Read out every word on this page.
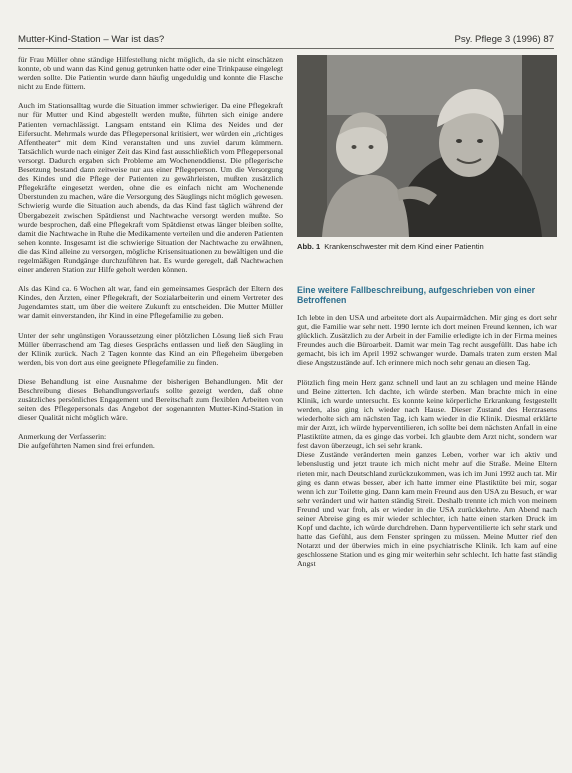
Mutter-Kind-Station – War ist das?	Psy. Pflege 3 (1996) 87

für Frau Müller ohne ständige Hilfestellung nicht möglich, da sie nicht einschätzen konnte, ob und wann das Kind genug getrunken hatte oder eine Trinkpause eingelegt werden sollte. Die Patientin wurde dann häufig ungeduldig und konnte die Flasche nicht zu Ende füttern.

Auch im Stationsalltag wurde die Situation immer schwieriger. Da eine Pflegekraft nur für Mutter und Kind abgestellt werden mußte, führten sich einige andere Patienten vernachlässigt. Langsam entstand ein Klima des Neides und der Eifersucht. Mehrmals wurde das Pflegepersonal kritisiert, wer würden ein „richtiges Affentheater“ mit dem Kind veranstalten und uns zuviel darum kümmern. Tatsächlich wurde nach einiger Zeit das Kind fast ausschließlich vom Pflegepersonal versorgt. Dadurch ergaben sich Probleme am Wochenenddienst. Die pflegerische Besetzung bestand dann zeitweise nur aus einer Pflegeperson. Um die Versorgung des Kindes und die Pflege der Patienten zu gewährleisten, mußten zusätzlich Pflegekräfte eingesetzt werden, ohne die es einfach nicht am Wochenende Überstunden zu machen, wäre die Versorgung des Säuglings nicht möglich gewesen. Schwierig wurde die Situation auch abends, da das Kind fast täglich während der Übergabezeit zwischen Spätdienst und Nachtwache versorgt werden mußte. So wurde besprochen, daß eine Pflegekraft vom Spätdienst etwas länger bleiben sollte, damit die Nachtwache in Ruhe die Medikamente verteilen und die anderen Patienten sehen konnte. Insgesamt ist die schwierige Situation der Nachtwache zu erwähnen, die das Kind alleine zu versorgen, mögliche Krisensituationen zu bewältigen und die regelmäßigen Rundgänge durchzuführen hat. Es wurde geregelt, daß Nachtwachen einer anderen Station zur Hilfe geholt werden können.

Als das Kind ca. 6 Wochen alt war, fand ein gemeinsames Gespräch der Eltern des Kindes, den Ärzten, einer Pflegekraft, der Sozialarbeiterin und einem Vertreter des Jugendamtes statt, um über die weitere Zukunft zu entscheiden. Die Mutter Müller war damit einverstanden, ihr Kind in eine Pflegefamilie zu geben.

Unter der sehr ungünstigen Voraussetzung einer plötzlichen Lösung ließ sich Frau Müller überraschend am Tag dieses Gesprächs entlassen und ließ den Säugling in der Klinik zurück. Nach 2 Tagen konnte das Kind an ein Pflegeheim übergeben werden, bis von dort aus eine geeignete Pflegefamilie zu finden.

Diese Behandlung ist eine Ausnahme der bisherigen Behandlungen. Mit der Beschreibung dieses Behandlungsverlaufs sollte gezeigt werden, daß ohne zusätzliches persönliches Engagement und Bereitschaft zum flexiblen Arbeiten von seiten des Pflegepersonals das Angebot der sogenannten Mutter-Kind-Station in dieser Qualität nicht möglich wäre.

Anmerkung der Verfasserin:
Die aufgeführten Namen sind frei erfunden.

Abb. 1 Krankenschwester mit dem Kind einer Patientin
Eine weitere Fallbeschreibung, aufgeschrieben von einer Betroffenen

Ich lebte in den USA und arbeitete dort als Aupairmädchen. Mir ging es dort sehr gut, die Familie war sehr nett. 1990 lernte ich dort meinen Freund kennen, ich war glücklich. Zusätzlich zu der Arbeit in der Familie erledigte ich in der Firma meines Freundes auch die Büroarbeit. Damit war mein Tag recht ausgefüllt. Das habe ich gemacht, bis ich im April 1992 schwanger wurde. Damals traten zum ersten Mal diese Angstzustände auf. Ich erinnere mich noch sehr genau an diesen Tag.

Plötzlich fing mein Herz ganz schnell und laut an zu schlagen und meine Hände und Beine zitterten. Ich dachte, ich würde sterben. Man brachte mich in eine Klinik, ich wurde untersucht. Es konnte keine körperliche Erkrankung festgestellt werden, also ging ich wieder nach Hause. Dieser Zustand des Herzrasens wiederholte sich am nächsten Tag, ich kam wieder in die Klinik. Diesmal erklärte mir der Arzt, ich würde hyperventilieren, ich sollte bei dem nächsten Anfall in eine Plastiktüte atmen, da es ginge das vorbei. Ich glaubte dem Arzt nicht, sondern war fest davon überzeugt, ich sei sehr krank.

Diese Zustände veränderten mein ganzes Leben, vorher war ich aktiv und lebenslustig und jetzt traute ich mich nicht mehr auf die Straße. Meine Eltern rieten mir, nach Deutschland zurückzukommen, was ich im Juni 1992 auch tat. Mir ging es dann etwas besser, aber ich hatte immer eine Plastiktüte bei mir, sogar wenn ich zur Toilette ging. Dann kam mein Freund aus den USA zu Besuch, er war sehr verändert und wir hatten ständig Streit. Deshalb trennte ich mich von meinem Freund und war froh, als er wieder in die USA zurückkehrte. Am Abend nach seiner Abreise ging es mir wieder schlechter, ich hatte einen starken Druck im Kopf und dachte, ich würde durchdrehen. Dann hyperventilierte ich sehr stark und hatte das Gefühl, aus dem Fenster springen zu müssen. Meine Mutter rief den Notarzt und der überwies mich in eine psychiatrische Klinik. Ich kam auf eine geschlossene Station und es ging mir weiterhin sehr schlecht. Ich hatte fast ständig Angst
